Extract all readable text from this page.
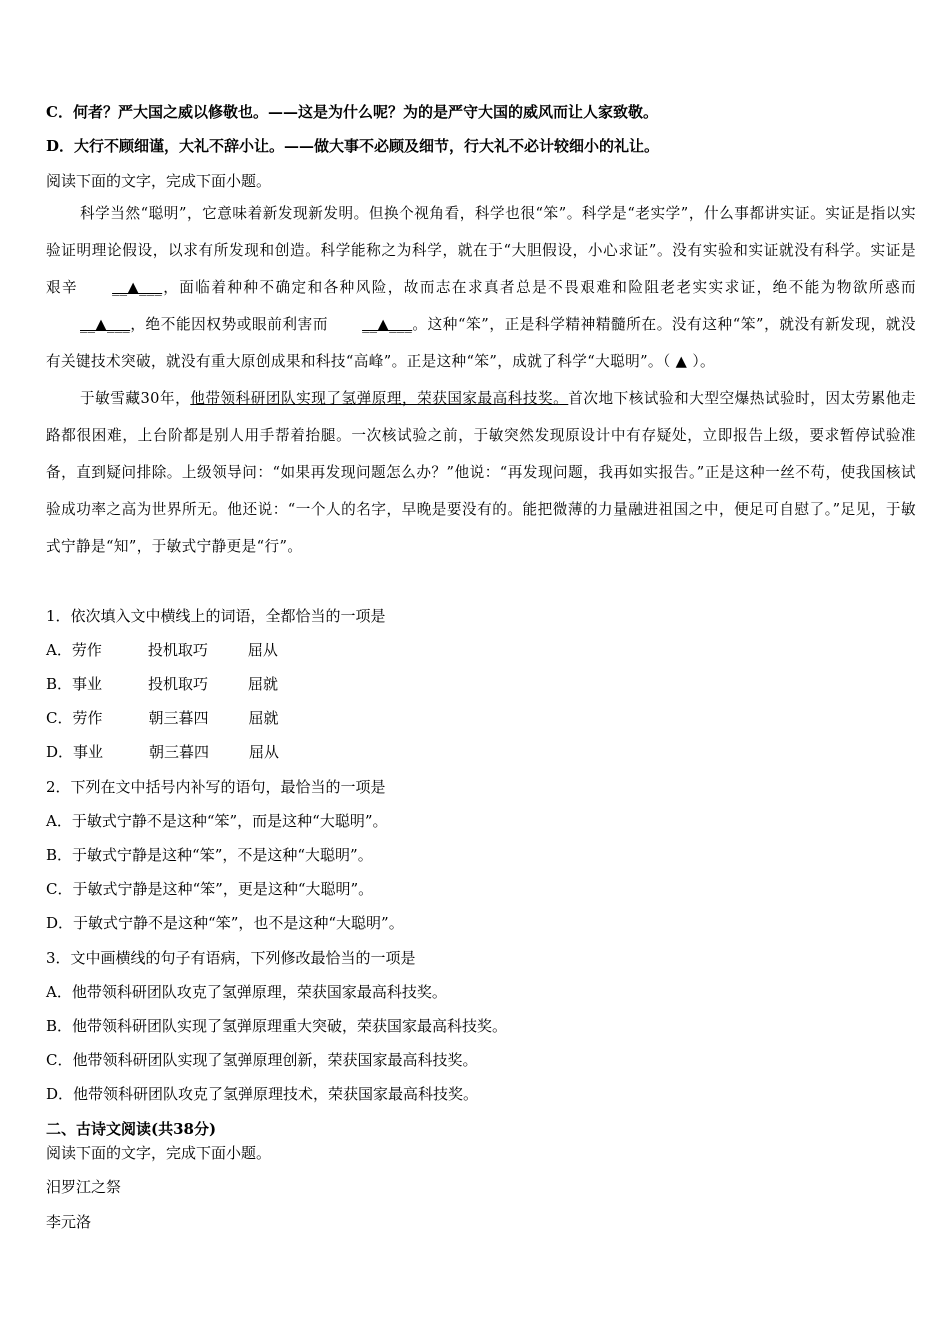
C．何者？严大国之威以修敬也。——这是为什么呢？为的是严守大国的威风而让人家致敬。
D．大行不顾细谨，大礼不辞小让。——做大事不必顾及细节，行大礼不必计较细小的礼让。
阅读下面的文字，完成下面小题。

科学当然“聪明”，它意味着新发现新发明。但换个视角看，科学也很“笨”。科学是“老实学”，什么事都讲实证。实证是指以实验证明理论假设，以求有所发现和创造。科学能称之为科学，就在于“大胆假设，小心求证”。没有实验和实证就没有科学。实证是艰辛 __▲___，面临着种种不确定和各种风险，故而志在求真者总是不畏艰难和险阻老老实实求证，绝不能为物欲所惑而__▲___，绝不能因权势或眼前利害而 __▲___。这种“笨”，正是科学精神精髓所在。没有这种“笨”，就没有新发现，就没有关键技术突破，就没有重大原创成果和科技“高峰”。正是这种“笨”，成就了科学“大聪明”。（ ▲ ）。

于敏雪藏30年，他带领科研团队实现了氢弹原理，荣获国家最高科技奖。首次地下核试验和大型空爆热试验时，因太劳累他走路都很困难，上台阶都是别人用手帮着抬腿。一次核试验之前，于敏突然发现原设计中有存疑处，立即报告上级，要求暂停试验准备，直到疑问排除。上级领导问：“如果再发现问题怎么办？”他说：“再发现问题，我再如实报告。”正是这种一丝不苟，使我国核试验成功率之高为世界所无。他还说：“一个人的名字，早晚是要没有的。能把微薄的力量融进祖国之中，便足可自慰了。”足见，于敏式宁静是“知”，于敏式宁静更是“行”。

1．依次填入文中横线上的词语，全都恰当的一项是
A．劳作	投机取巧	屈从
B．事业	投机取巧	屈就
C．劳作	朝三暮四	屈就
D．事业	朝三暮四	屈从
2．下列在文中括号内补写的语句，最恰当的一项是
A．于敏式宁静不是这种“笨”，而是这种“大聪明”。
B．于敏式宁静是这种“笨”，不是这种“大聪明”。
C．于敏式宁静是这种“笨”，更是这种“大聪明”。
D．于敏式宁静不是这种“笨”，也不是这种“大聪明”。
3．文中画横线的句子有语病，下列修改最恰当的一项是
A．他带领科研团队攻克了氢弹原理，荣获国家最高科技奖。
B．他带领科研团队实现了氢弹原理重大突破，荣获国家最高科技奖。
C．他带领科研团队实现了氢弹原理创新，荣获国家最高科技奖。
D．他带领科研团队攻克了氢弹原理技术，荣获国家最高科技奖。
二、古诗文阅读(共38分)
阅读下面的文字，完成下面小题。
汨罗江之祭
李元洛
